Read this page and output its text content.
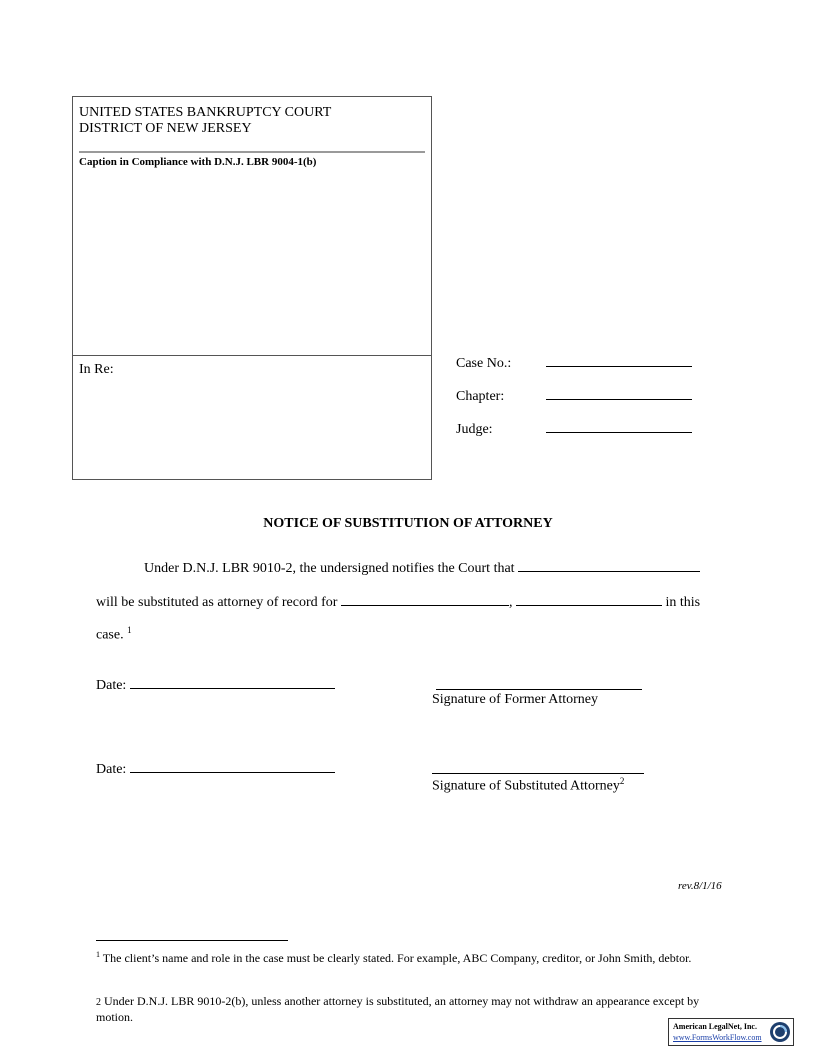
UNITED STATES BANKRUPTCY COURT
DISTRICT OF NEW JERSEY
Caption in Compliance with D.N.J. LBR 9004-1(b)
In Re:	Case No.:
Chapter:
Judge:
NOTICE OF SUBSTITUTION OF ATTORNEY
Under D.N.J. LBR 9010-2, the undersigned notifies the Court that
will be substituted as attorney of record for	,	in this
case. $^1$
Date:
Signature of Former Attorney
Date:
Signature of Substituted Attorney$^2$
rev.8/1/16
$^1$ The client’s name and role in the case must be clearly stated. For example, ABC Company, creditor, or John Smith, debtor.
2 Under D.N.J. LBR 9010-2(b), unless another attorney is substituted, an attorney may not withdraw an appearance except by motion.
American LegalNet, Inc.
www.FormsWorkFlow.com
